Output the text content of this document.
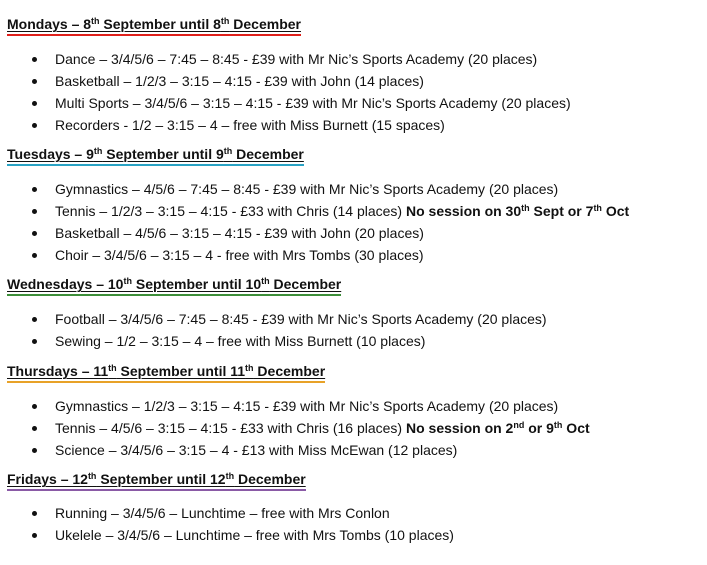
Mondays – 8th September until 8th December
Dance – 3/4/5/6 – 7:45 – 8:45 - £39 with Mr Nic’s Sports Academy (20 places)
Basketball – 1/2/3 – 3:15 – 4:15 - £39 with John (14 places)
Multi Sports – 3/4/5/6 – 3:15 – 4:15 - £39 with Mr Nic’s Sports Academy (20 places)
Recorders - 1/2 – 3:15 – 4 – free with Miss Burnett (15 spaces)
Tuesdays – 9th September until 9th December
Gymnastics – 4/5/6 – 7:45 – 8:45 - £39 with Mr Nic’s Sports Academy (20 places)
Tennis – 1/2/3 – 3:15 – 4:15 - £33 with Chris (14 places) No session on 30th Sept or 7th Oct
Basketball – 4/5/6 – 3:15 – 4:15 - £39 with John (20 places)
Choir – 3/4/5/6 – 3:15 – 4 - free with Mrs Tombs (30 places)
Wednesdays – 10th September until 10th December
Football – 3/4/5/6 – 7:45 – 8:45 - £39 with Mr Nic’s Sports Academy (20 places)
Sewing – 1/2 – 3:15 – 4 – free with Miss Burnett (10 places)
Thursdays – 11th September until 11th December
Gymnastics – 1/2/3 – 3:15 – 4:15 - £39 with Mr Nic’s Sports Academy (20 places)
Tennis – 4/5/6 – 3:15 – 4:15 - £33 with Chris (16 places) No session on 2nd or 9th Oct
Science – 3/4/5/6 – 3:15 – 4 - £13 with Miss McEwan (12 places)
Fridays – 12th September until 12th December
Running – 3/4/5/6 – Lunchtime – free with Mrs Conlon
Ukelele – 3/4/5/6 – Lunchtime – free with Mrs Tombs (10 places)
